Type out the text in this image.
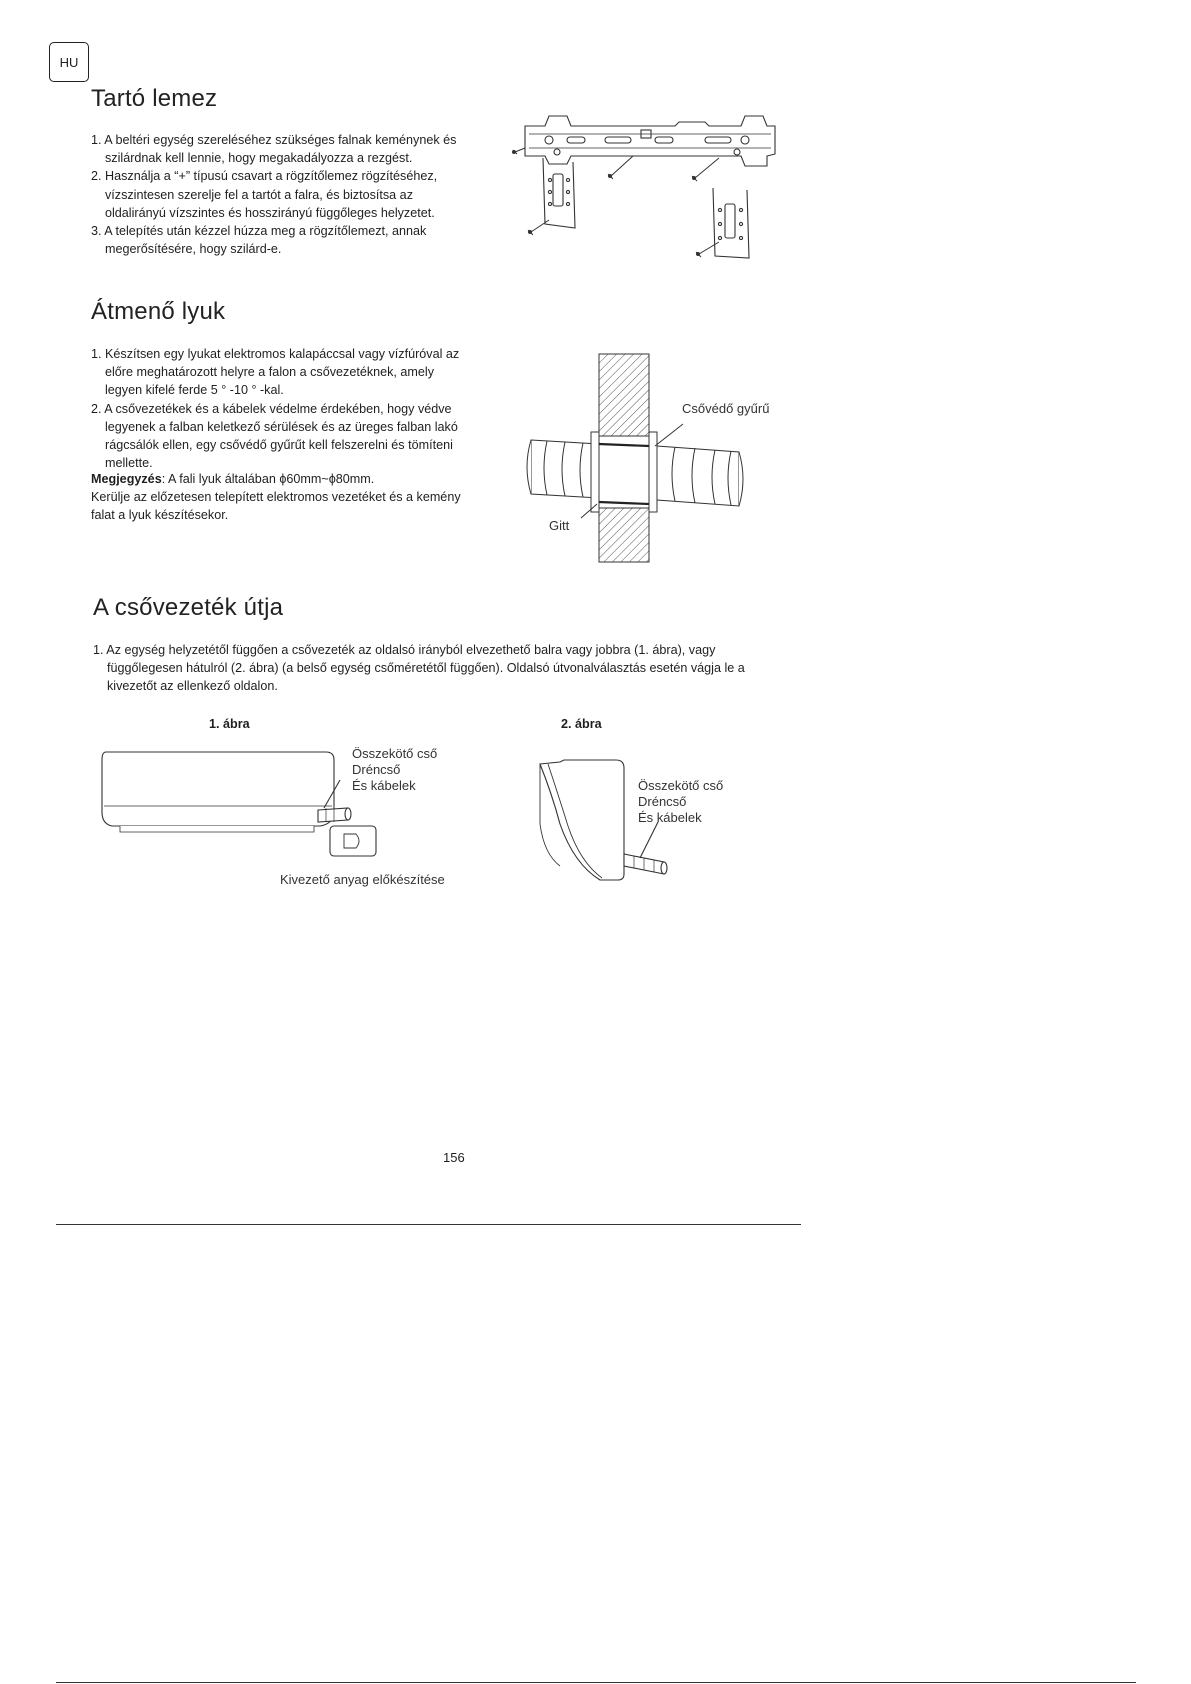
HU
Tartó lemez
1. A beltéri egység szereléséhez szükséges falnak keménynek és szilárdnak kell lennie, hogy megakadályozza a rezgést.
2. Használja a “+” típusú csavart a rögzítőlemez rögzítéséhez, vízszintesen szerelje fel a tartót a falra, és biztosítsa az oldalirányú vízszintes és hosszirányú függőleges helyzetet.
3. A telepítés után kézzel húzza meg a rögzítőlemezt, annak megerősítésére, hogy szilárd-e.
Átmenő lyuk
1. Készítsen egy lyukat elektromos kalapáccsal vagy vízfúróval az előre meghatározott helyre a falon a csővezetéknek, amely legyen kifelé ferde 5 ° -10 ° -kal.
2. A csővezetékek és a kábelek védelme érdekében, hogy védve legyenek a falban keletkező sérülések és az üreges falban lakó rágcsálók ellen, egy csővédő gyűrűt kell felszerelni és tömíteni mellette.
Megjegyzés: A fali lyuk általában ϕ60mm~ϕ80mm.
Kerülje az előzetesen telepített elektromos vezetéket és a kemény falat a lyuk készítésekor.
Csővédő gyűrű
Gitt
A csővezeték útja
1. Az egység helyzetétől függően a csővezeték az oldalsó irányból elvezethető balra vagy jobbra (1. ábra), vagy függőlegesen hátulról (2. ábra) (a belső egység csőméretétől függően). Oldalsó útvonalválasztás esetén vágja le a kivezetőt az ellenkező oldalon.
1. ábra
Összekötő cső
Dréncső
És kábelek
Kivezető anyag előkészítése
2. ábra
Összekötő cső
Dréncső
És kábelek
156
